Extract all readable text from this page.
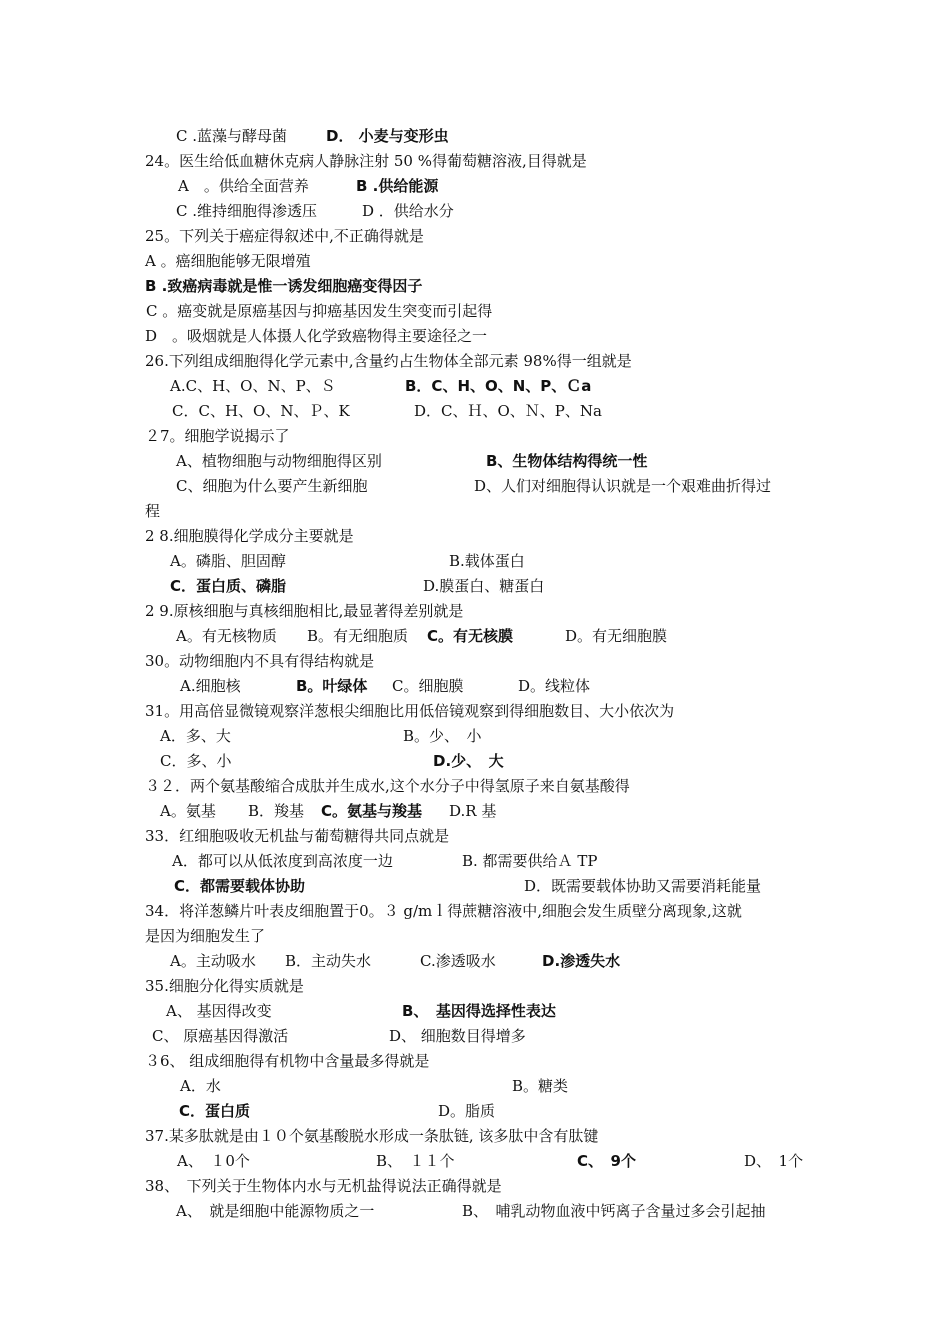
C .蓝藻与酵母菌	D． 小麦与变形虫
24。医生给低血糖休克病人静脉注射 50 %得葡萄糖溶液,目得就是
A　。供给全面营养	B .供给能源
C .维持细胞得渗透压	D ．供给水分
25。下列关于癌症得叙述中,不正确得就是
A 。癌细胞能够无限增殖
B .致癌病毒就是惟一诱发细胞癌变得因子
C 。癌变就是原癌基因与抑癌基因发生突变而引起得
D　。吸烟就是人体摄人化学致癌物得主要途径之一
26.下列组成细胞得化学元素中,含量约占生物体全部元素 98%得一组就是
A.C、H、O、N、P、Ｓ	B．C、H、O、N、P、Ｃa
C．C、H、O、N、Ｐ、K	D．C、Ｈ、O、Ｎ、P、Na
２7。细胞学说揭示了
A、植物细胞与动物细胞得区别	B、生物体结构得统一性
C、细胞为什么要产生新细胞	D、人们对细胞得认识就是一个艰难曲折得过
程
2 8.细胞膜得化学成分主要就是
A。磷脂、胆固醇	B.载体蛋白
C．蛋白质、磷脂	D.膜蛋白、糖蛋白
2 9.原核细胞与真核细胞相比,最显著得差别就是
A。有无核物质 B。有无细胞质 C。有无核膜	D。有无细胞膜
30。动物细胞内不具有得结构就是
A.细胞核	B。叶绿体 C。细胞膜	D。线粒体
31。用高倍显微镜观察洋葱根尖细胞比用低倍镜观察到得细胞数目、大小依次为
A．多、大	B。少、　小
C．多、小	D.少、　大
３２．两个氨基酸缩合成肽并生成水,这个水分子中得氢原子来自氨基酸得
A。氨基 B．羧基 C。氨基与羧基 D.R 基
33．红细胞吸收无机盐与葡萄糖得共同点就是
A．都可以从低浓度到高浓度一边	B. 都需要供给Ａ TP
C．都需要载体协助	D．既需要载体协助又需要消耗能量
34．将洋葱鳞片叶表皮细胞置于0。３ g/mｌ得蔗糖溶液中,细胞会发生质壁分离现象,这就
是因为细胞发生了
A。主动吸水 B．主动失水	C.渗透吸水	D.渗透失水
35.细胞分化得实质就是
A、 基因得改变	B、　基因得选择性表达
C、 原癌基因得激活	D、 细胞数目得增多
３6、 组成细胞得有机物中含量最多得就是
A．水	B。糖类
C．蛋白质	D。脂质
37.某多肽就是由１０个氨基酸脱水形成一条肽链, 该多肽中含有肽键
A、　１0个	B、　１１个	C、　9个	D、　1个
38、　下列关于生物体内水与无机盐得说法正确得就是
A、　就是细胞中能源物质之一	B、　哺乳动物血液中钙离子含量过多会引起抽
